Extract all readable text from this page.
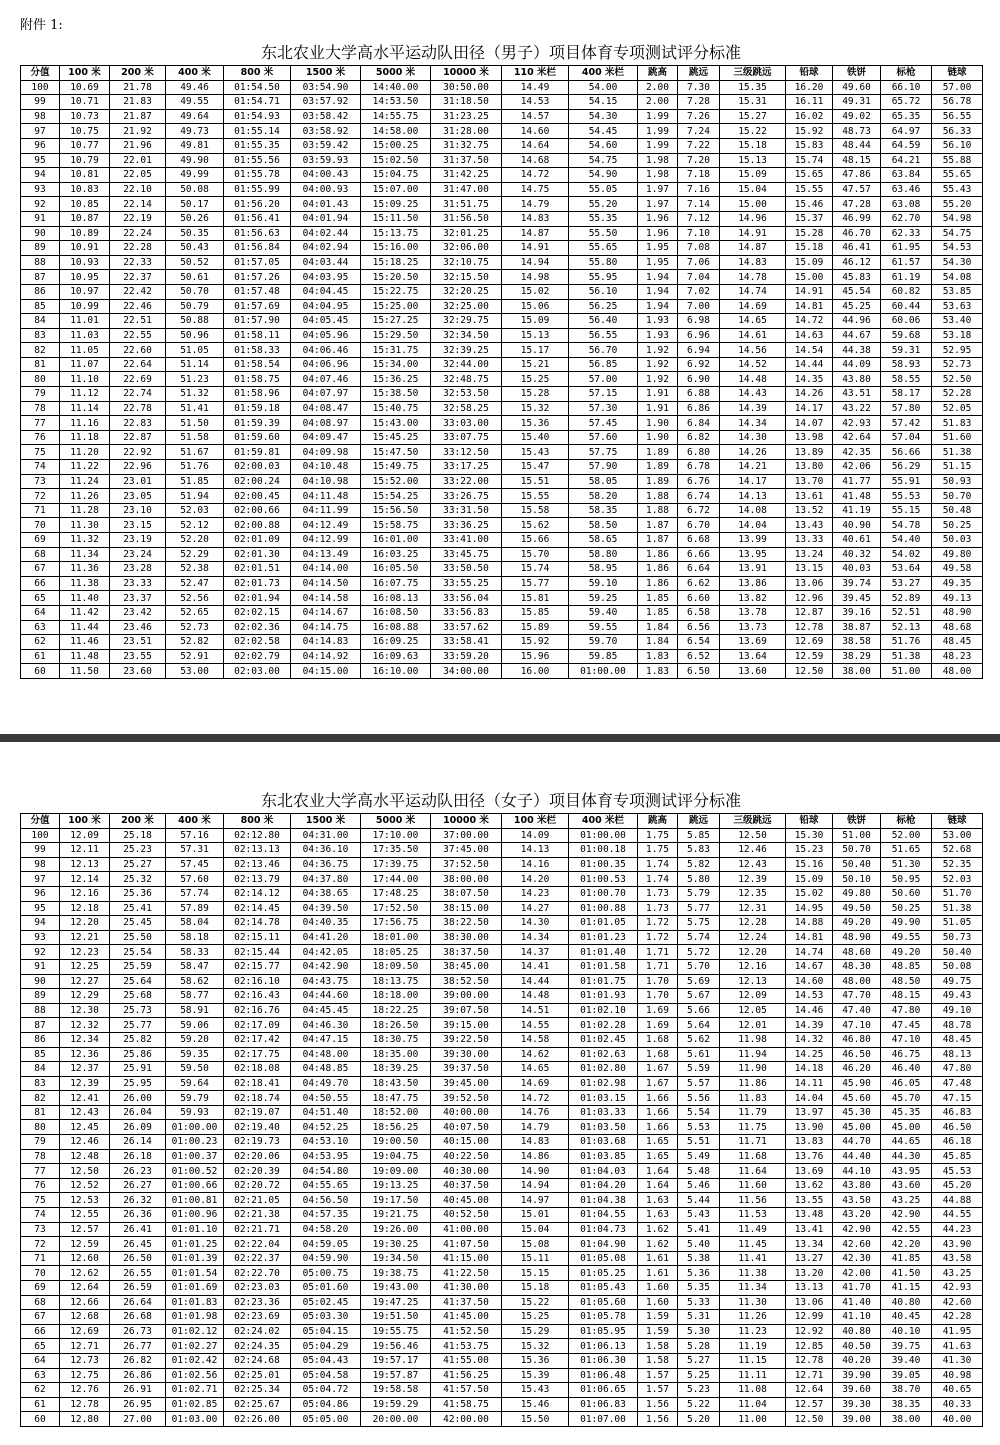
附件 1:
东北农业大学高水平运动队田径（男子）项目体育专项测试评分标准
分值	100 米	200 米	400 米	800 米	1500 米	5000 米	10000 米	110 米栏	400 米栏	跳高	跳远	三级跳远	铅球	铁饼	标枪	链球
100	10.69	21.78	49.46	01:54.50	03:54.90	14:40.00	30:50.00	14.49	54.00	2.00	7.30	15.35	16.20	49.60	66.10	57.00
99	10.71	21.83	49.55	01:54.71	03:57.92	14:53.50	31:18.50	14.53	54.15	2.00	7.28	15.31	16.11	49.31	65.72	56.78
98	10.73	21.87	49.64	01:54.93	03:58.42	14:55.75	31:23.25	14.57	54.30	1.99	7.26	15.27	16.02	49.02	65.35	56.55
97	10.75	21.92	49.73	01:55.14	03:58.92	14:58.00	31:28.00	14.60	54.45	1.99	7.24	15.22	15.92	48.73	64.97	56.33
96	10.77	21.96	49.81	01:55.35	03:59.42	15:00.25	31:32.75	14.64	54.60	1.99	7.22	15.18	15.83	48.44	64.59	56.10
95	10.79	22.01	49.90	01:55.56	03:59.93	15:02.50	31:37.50	14.68	54.75	1.98	7.20	15.13	15.74	48.15	64.21	55.88
94	10.81	22.05	49.99	01:55.78	04:00.43	15:04.75	31:42.25	14.72	54.90	1.98	7.18	15.09	15.65	47.86	63.84	55.65
93	10.83	22.10	50.08	01:55.99	04:00.93	15:07.00	31:47.00	14.75	55.05	1.97	7.16	15.04	15.55	47.57	63.46	55.43
92	10.85	22.14	50.17	01:56.20	04:01.43	15:09.25	31:51.75	14.79	55.20	1.97	7.14	15.00	15.46	47.28	63.08	55.20
91	10.87	22.19	50.26	01:56.41	04:01.94	15:11.50	31:56.50	14.83	55.35	1.96	7.12	14.96	15.37	46.99	62.70	54.98
90	10.89	22.24	50.35	01:56.63	04:02.44	15:13.75	32:01.25	14.87	55.50	1.96	7.10	14.91	15.28	46.70	62.33	54.75
89	10.91	22.28	50.43	01:56.84	04:02.94	15:16.00	32:06.00	14.91	55.65	1.95	7.08	14.87	15.18	46.41	61.95	54.53
88	10.93	22.33	50.52	01:57.05	04:03.44	15:18.25	32:10.75	14.94	55.80	1.95	7.06	14.83	15.09	46.12	61.57	54.30
87	10.95	22.37	50.61	01:57.26	04:03.95	15:20.50	32:15.50	14.98	55.95	1.94	7.04	14.78	15.00	45.83	61.19	54.08
86	10.97	22.42	50.70	01:57.48	04:04.45	15:22.75	32:20.25	15.02	56.10	1.94	7.02	14.74	14.91	45.54	60.82	53.85
85	10.99	22.46	50.79	01:57.69	04:04.95	15:25.00	32:25.00	15.06	56.25	1.94	7.00	14.69	14.81	45.25	60.44	53.63
84	11.01	22.51	50.88	01:57.90	04:05.45	15:27.25	32:29.75	15.09	56.40	1.93	6.98	14.65	14.72	44.96	60.06	53.40
83	11.03	22.55	50.96	01:58.11	04:05.96	15:29.50	32:34.50	15.13	56.55	1.93	6.96	14.61	14.63	44.67	59.68	53.18
82	11.05	22.60	51.05	01:58.33	04:06.46	15:31.75	32:39.25	15.17	56.70	1.92	6.94	14.56	14.54	44.38	59.31	52.95
81	11.07	22.64	51.14	01:58.54	04:06.96	15:34.00	32:44.00	15.21	56.85	1.92	6.92	14.52	14.44	44.09	58.93	52.73
80	11.10	22.69	51.23	01:58.75	04:07.46	15:36.25	32:48.75	15.25	57.00	1.92	6.90	14.48	14.35	43.80	58.55	52.50
79	11.12	22.74	51.32	01:58.96	04:07.97	15:38.50	32:53.50	15.28	57.15	1.91	6.88	14.43	14.26	43.51	58.17	52.28
78	11.14	22.78	51.41	01:59.18	04:08.47	15:40.75	32:58.25	15.32	57.30	1.91	6.86	14.39	14.17	43.22	57.80	52.05
77	11.16	22.83	51.50	01:59.39	04:08.97	15:43.00	33:03.00	15.36	57.45	1.90	6.84	14.34	14.07	42.93	57.42	51.83
76	11.18	22.87	51.58	01:59.60	04:09.47	15:45.25	33:07.75	15.40	57.60	1.90	6.82	14.30	13.98	42.64	57.04	51.60
75	11.20	22.92	51.67	01:59.81	04:09.98	15:47.50	33:12.50	15.43	57.75	1.89	6.80	14.26	13.89	42.35	56.66	51.38
74	11.22	22.96	51.76	02:00.03	04:10.48	15:49.75	33:17.25	15.47	57.90	1.89	6.78	14.21	13.80	42.06	56.29	51.15
73	11.24	23.01	51.85	02:00.24	04:10.98	15:52.00	33:22.00	15.51	58.05	1.89	6.76	14.17	13.70	41.77	55.91	50.93
72	11.26	23.05	51.94	02:00.45	04:11.48	15:54.25	33:26.75	15.55	58.20	1.88	6.74	14.13	13.61	41.48	55.53	50.70
71	11.28	23.10	52.03	02:00.66	04:11.99	15:56.50	33:31.50	15.58	58.35	1.88	6.72	14.08	13.52	41.19	55.15	50.48
70	11.30	23.15	52.12	02:00.88	04:12.49	15:58.75	33:36.25	15.62	58.50	1.87	6.70	14.04	13.43	40.90	54.78	50.25
69	11.32	23.19	52.20	02:01.09	04:12.99	16:01.00	33:41.00	15.66	58.65	1.87	6.68	13.99	13.33	40.61	54.40	50.03
68	11.34	23.24	52.29	02:01.30	04:13.49	16:03.25	33:45.75	15.70	58.80	1.86	6.66	13.95	13.24	40.32	54.02	49.80
67	11.36	23.28	52.38	02:01.51	04:14.00	16:05.50	33:50.50	15.74	58.95	1.86	6.64	13.91	13.15	40.03	53.64	49.58
66	11.38	23.33	52.47	02:01.73	04:14.50	16:07.75	33:55.25	15.77	59.10	1.86	6.62	13.86	13.06	39.74	53.27	49.35
65	11.40	23.37	52.56	02:01.94	04:14.58	16:08.13	33:56.04	15.81	59.25	1.85	6.60	13.82	12.96	39.45	52.89	49.13
64	11.42	23.42	52.65	02:02.15	04:14.67	16:08.50	33:56.83	15.85	59.40	1.85	6.58	13.78	12.87	39.16	52.51	48.90
63	11.44	23.46	52.73	02:02.36	04:14.75	16:08.88	33:57.62	15.89	59.55	1.84	6.56	13.73	12.78	38.87	52.13	48.68
62	11.46	23.51	52.82	02:02.58	04:14.83	16:09.25	33:58.41	15.92	59.70	1.84	6.54	13.69	12.69	38.58	51.76	48.45
61	11.48	23.55	52.91	02:02.79	04:14.92	16:09.63	33:59.20	15.96	59.85	1.83	6.52	13.64	12.59	38.29	51.38	48.23
60	11.50	23.60	53.00	02:03.00	04:15.00	16:10.00	34:00.00	16.00	01:00.00	1.83	6.50	13.60	12.50	38.00	51.00	48.00
东北农业大学高水平运动队田径（女子）项目体育专项测试评分标准
分值	100 米	200 米	400 米	800 米	1500 米	5000 米	10000 米	100 米栏	400 米栏	跳高	跳远	三级跳远	铅球	铁饼	标枪	链球
100	12.09	25.18	57.16	02:12.80	04:31.00	17:10.00	37:00.00	14.09	01:00.00	1.75	5.85	12.50	15.30	51.00	52.00	53.00
99	12.11	25.23	57.31	02:13.13	04:36.10	17:35.50	37:45.00	14.13	01:00.18	1.75	5.83	12.46	15.23	50.70	51.65	52.68
98	12.13	25.27	57.45	02:13.46	04:36.75	17:39.75	37:52.50	14.16	01:00.35	1.74	5.82	12.43	15.16	50.40	51.30	52.35
97	12.14	25.32	57.60	02:13.79	04:37.80	17:44.00	38:00.00	14.20	01:00.53	1.74	5.80	12.39	15.09	50.10	50.95	52.03
96	12.16	25.36	57.74	02:14.12	04:38.65	17:48.25	38:07.50	14.23	01:00.70	1.73	5.79	12.35	15.02	49.80	50.60	51.70
95	12.18	25.41	57.89	02:14.45	04:39.50	17:52.50	38:15.00	14.27	01:00.88	1.73	5.77	12.31	14.95	49.50	50.25	51.38
94	12.20	25.45	58.04	02:14.78	04:40.35	17:56.75	38:22.50	14.30	01:01.05	1.72	5.75	12.28	14.88	49.20	49.90	51.05
93	12.21	25.50	58.18	02:15.11	04:41.20	18:01.00	38:30.00	14.34	01:01.23	1.72	5.74	12.24	14.81	48.90	49.55	50.73
92	12.23	25.54	58.33	02:15.44	04:42.05	18:05.25	38:37.50	14.37	01:01.40	1.71	5.72	12.20	14.74	48.60	49.20	50.40
91	12.25	25.59	58.47	02:15.77	04:42.90	18:09.50	38:45.00	14.41	01:01.58	1.71	5.70	12.16	14.67	48.30	48.85	50.08
90	12.27	25.64	58.62	02:16.10	04:43.75	18:13.75	38:52.50	14.44	01:01.75	1.70	5.69	12.13	14.60	48.00	48.50	49.75
89	12.29	25.68	58.77	02:16.43	04:44.60	18:18.00	39:00.00	14.48	01:01.93	1.70	5.67	12.09	14.53	47.70	48.15	49.43
88	12.30	25.73	58.91	02:16.76	04:45.45	18:22.25	39:07.50	14.51	01:02.10	1.69	5.66	12.05	14.46	47.40	47.80	49.10
87	12.32	25.77	59.06	02:17.09	04:46.30	18:26.50	39:15.00	14.55	01:02.28	1.69	5.64	12.01	14.39	47.10	47.45	48.78
86	12.34	25.82	59.20	02:17.42	04:47.15	18:30.75	39:22.50	14.58	01:02.45	1.68	5.62	11.98	14.32	46.80	47.10	48.45
85	12.36	25.86	59.35	02:17.75	04:48.00	18:35.00	39:30.00	14.62	01:02.63	1.68	5.61	11.94	14.25	46.50	46.75	48.13
84	12.37	25.91	59.50	02:18.08	04:48.85	18:39.25	39:37.50	14.65	01:02.80	1.67	5.59	11.90	14.18	46.20	46.40	47.80
83	12.39	25.95	59.64	02:18.41	04:49.70	18:43.50	39:45.00	14.69	01:02.98	1.67	5.57	11.86	14.11	45.90	46.05	47.48
82	12.41	26.00	59.79	02:18.74	04:50.55	18:47.75	39:52.50	14.72	01:03.15	1.66	5.56	11.83	14.04	45.60	45.70	47.15
81	12.43	26.04	59.93	02:19.07	04:51.40	18:52.00	40:00.00	14.76	01:03.33	1.66	5.54	11.79	13.97	45.30	45.35	46.83
80	12.45	26.09	01:00.00	02:19.40	04:52.25	18:56.25	40:07.50	14.79	01:03.50	1.66	5.53	11.75	13.90	45.00	45.00	46.50
79	12.46	26.14	01:00.23	02:19.73	04:53.10	19:00.50	40:15.00	14.83	01:03.68	1.65	5.51	11.71	13.83	44.70	44.65	46.18
78	12.48	26.18	01:00.37	02:20.06	04:53.95	19:04.75	40:22.50	14.86	01:03.85	1.65	5.49	11.68	13.76	44.40	44.30	45.85
77	12.50	26.23	01:00.52	02:20.39	04:54.80	19:09.00	40:30.00	14.90	01:04.03	1.64	5.48	11.64	13.69	44.10	43.95	45.53
76	12.52	26.27	01:00.66	02:20.72	04:55.65	19:13.25	40:37.50	14.94	01:04.20	1.64	5.46	11.60	13.62	43.80	43.60	45.20
75	12.53	26.32	01:00.81	02:21.05	04:56.50	19:17.50	40:45.00	14.97	01:04.38	1.63	5.44	11.56	13.55	43.50	43.25	44.88
74	12.55	26.36	01:00.96	02:21.38	04:57.35	19:21.75	40:52.50	15.01	01:04.55	1.63	5.43	11.53	13.48	43.20	42.90	44.55
73	12.57	26.41	01:01.10	02:21.71	04:58.20	19:26.00	41:00.00	15.04	01:04.73	1.62	5.41	11.49	13.41	42.90	42.55	44.23
72	12.59	26.45	01:01.25	02:22.04	04:59.05	19:30.25	41:07.50	15.08	01:04.90	1.62	5.40	11.45	13.34	42.60	42.20	43.90
71	12.60	26.50	01:01.39	02:22.37	04:59.90	19:34.50	41:15.00	15.11	01:05.08	1.61	5.38	11.41	13.27	42.30	41.85	43.58
70	12.62	26.55	01:01.54	02:22.70	05:00.75	19:38.75	41:22.50	15.15	01:05.25	1.61	5.36	11.38	13.20	42.00	41.50	43.25
69	12.64	26.59	01:01.69	02:23.03	05:01.60	19:43.00	41:30.00	15.18	01:05.43	1.60	5.35	11.34	13.13	41.70	41.15	42.93
68	12.66	26.64	01:01.83	02:23.36	05:02.45	19:47.25	41:37.50	15.22	01:05.60	1.60	5.33	11.30	13.06	41.40	40.80	42.60
67	12.68	26.68	01:01.98	02:23.69	05:03.30	19:51.50	41:45.00	15.25	01:05.78	1.59	5.31	11.26	12.99	41.10	40.45	42.28
66	12.69	26.73	01:02.12	02:24.02	05:04.15	19:55.75	41:52.50	15.29	01:05.95	1.59	5.30	11.23	12.92	40.80	40.10	41.95
65	12.71	26.77	01:02.27	02:24.35	05:04.29	19:56.46	41:53.75	15.32	01:06.13	1.58	5.28	11.19	12.85	40.50	39.75	41.63
64	12.73	26.82	01:02.42	02:24.68	05:04.43	19:57.17	41:55.00	15.36	01:06.30	1.58	5.27	11.15	12.78	40.20	39.40	41.30
63	12.75	26.86	01:02.56	02:25.01	05:04.58	19:57.87	41:56.25	15.39	01:06.48	1.57	5.25	11.11	12.71	39.90	39.05	40.98
62	12.76	26.91	01:02.71	02:25.34	05:04.72	19:58.58	41:57.50	15.43	01:06.65	1.57	5.23	11.08	12.64	39.60	38.70	40.65
61	12.78	26.95	01:02.85	02:25.67	05:04.86	19:59.29	41:58.75	15.46	01:06.83	1.56	5.22	11.04	12.57	39.30	38.35	40.33
60	12.80	27.00	01:03.00	02:26.00	05:05.00	20:00.00	42:00.00	15.50	01:07.00	1.56	5.20	11.00	12.50	39.00	38.00	40.00
